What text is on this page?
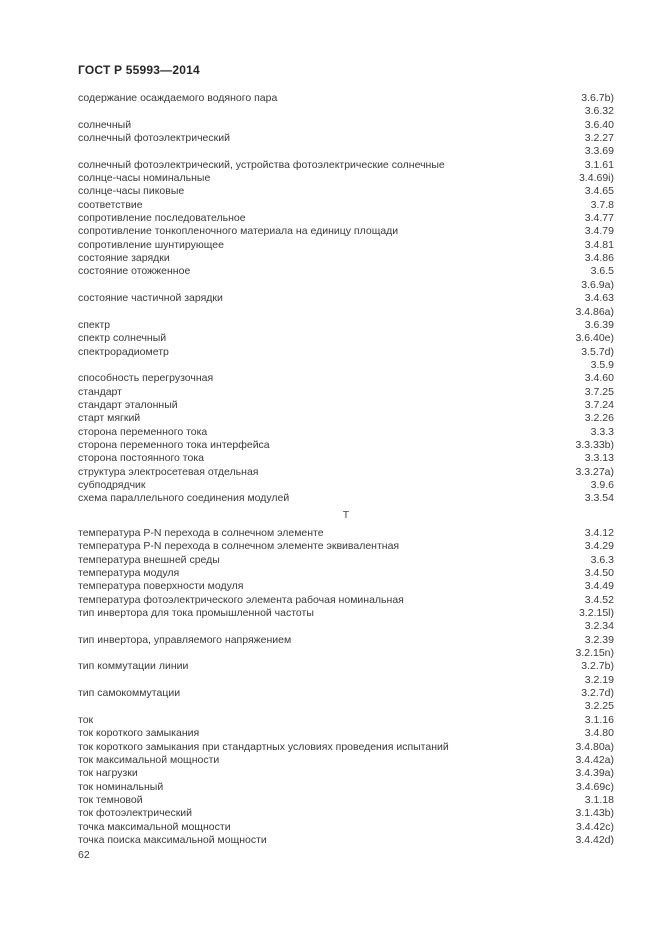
ГОСТ Р 55993—2014
содержание осаждаемого водяного пара	3.6.7b)
3.6.32
солнечный	3.6.40
солнечный фотоэлектрический	3.2.27
3.3.69
солнечный фотоэлектрический, устройства фотоэлектрические солнечные	3.1.61
солнце-часы номинальные	3.4.69i)
солнце-часы пиковые	3.4.65
соответствие	3.7.8
сопротивление последовательное	3.4.77
сопротивление тонкопленочного материала на единицу площади	3.4.79
сопротивление шунтирующее	3.4.81
состояние зарядки	3.4.86
состояние отожженное	3.6.5
3.6.9a)
состояние частичной зарядки	3.4.63
3.4.86a)
спектр	3.6.39
спектр солнечный	3.6.40e)
спектрорадиометр	3.5.7d)
3.5.9
способность перегрузочная	3.4.60
стандарт	3.7.25
стандарт эталонный	3.7.24
старт мягкий	3.2.26
сторона переменного тока	3.3.3
сторона переменного тока интерфейса	3.3.33b)
сторона постоянного тока	3.3.13
структура электросетевая отдельная	3.3.27a)
субподрядчик	3.9.6
схема параллельного соединения модулей	3.3.54
Т
температура P-N перехода в солнечном элементе	3.4.12
температура P-N перехода в солнечном элементе эквивалентная	3.4.29
температура внешней среды	3.6.3
температура модуля	3.4.50
температура поверхности модуля	3.4.49
температура фотоэлектрического элемента рабочая номинальная	3.4.52
тип инвертора для тока промышленной частоты	3.2.15l)
3.2.34
тип инвертора, управляемого напряжением	3.2.39
3.2.15n)
тип коммутации линии	3.2.7b)
3.2.19
тип самокоммутации	3.2.7d)
3.2.25
ток	3.1.16
ток короткого замыкания	3.4.80
ток короткого замыкания при стандартных условиях проведения испытаний	3.4.80a)
ток максимальной мощности	3.4.42a)
ток нагрузки	3.4.39a)
ток номинальный	3.4.69c)
ток темновой	3.1.18
ток фотоэлектрический	3.1.43b)
точка максимальной мощности	3.4.42c)
точка поиска максимальной мощности	3.4.42d)
62
